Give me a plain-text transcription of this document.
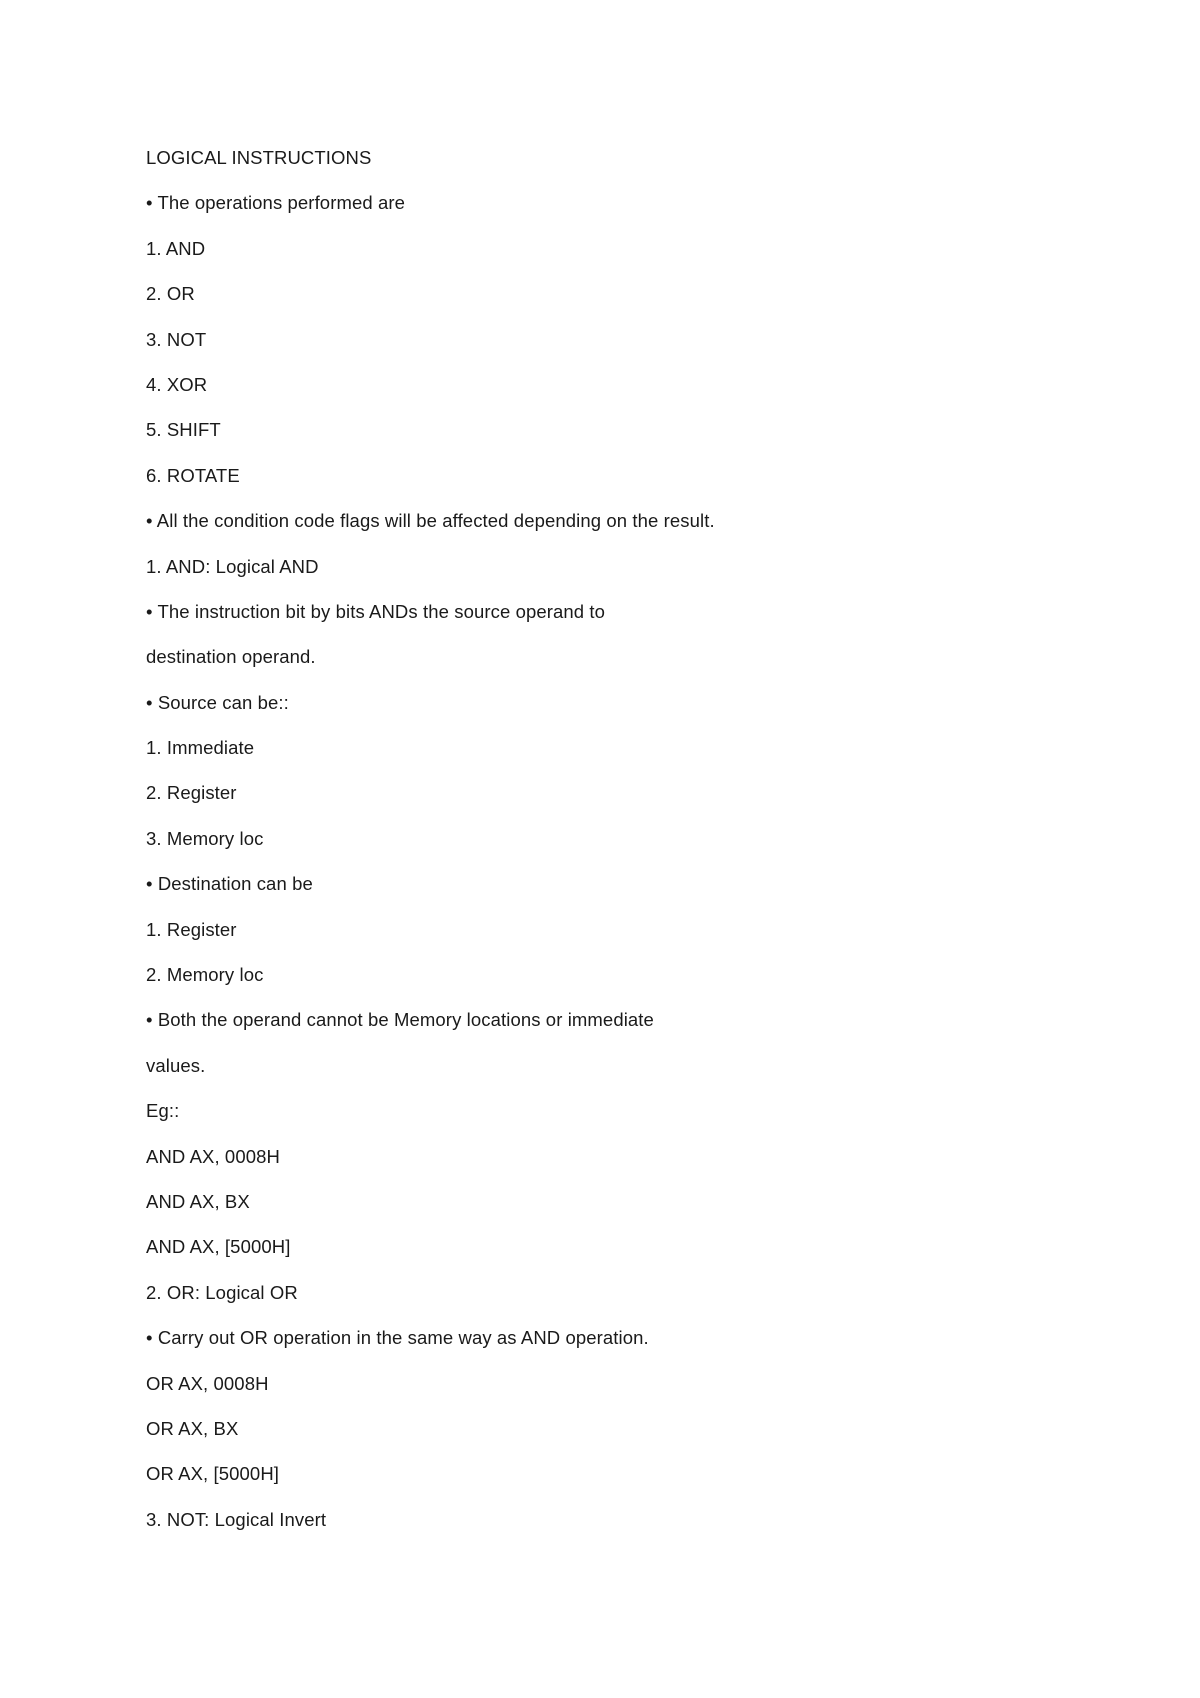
LOGICAL INSTRUCTIONS
• The operations performed are
1. AND
2. OR
3. NOT
4. XOR
5. SHIFT
6. ROTATE
• All the condition code flags will be affected depending on the result.
1. AND: Logical AND
• The instruction bit by bits ANDs the source operand to
destination operand.
• Source can be::
1. Immediate
2. Register
3. Memory loc
• Destination can be
1. Register
2. Memory loc
• Both the operand cannot be Memory locations or immediate
values.
Eg::
AND AX, 0008H
AND AX, BX
AND AX, [5000H]
2. OR: Logical OR
• Carry out OR operation in the same way as AND operation.
OR AX, 0008H
OR AX, BX
OR AX, [5000H]
3. NOT: Logical Invert
